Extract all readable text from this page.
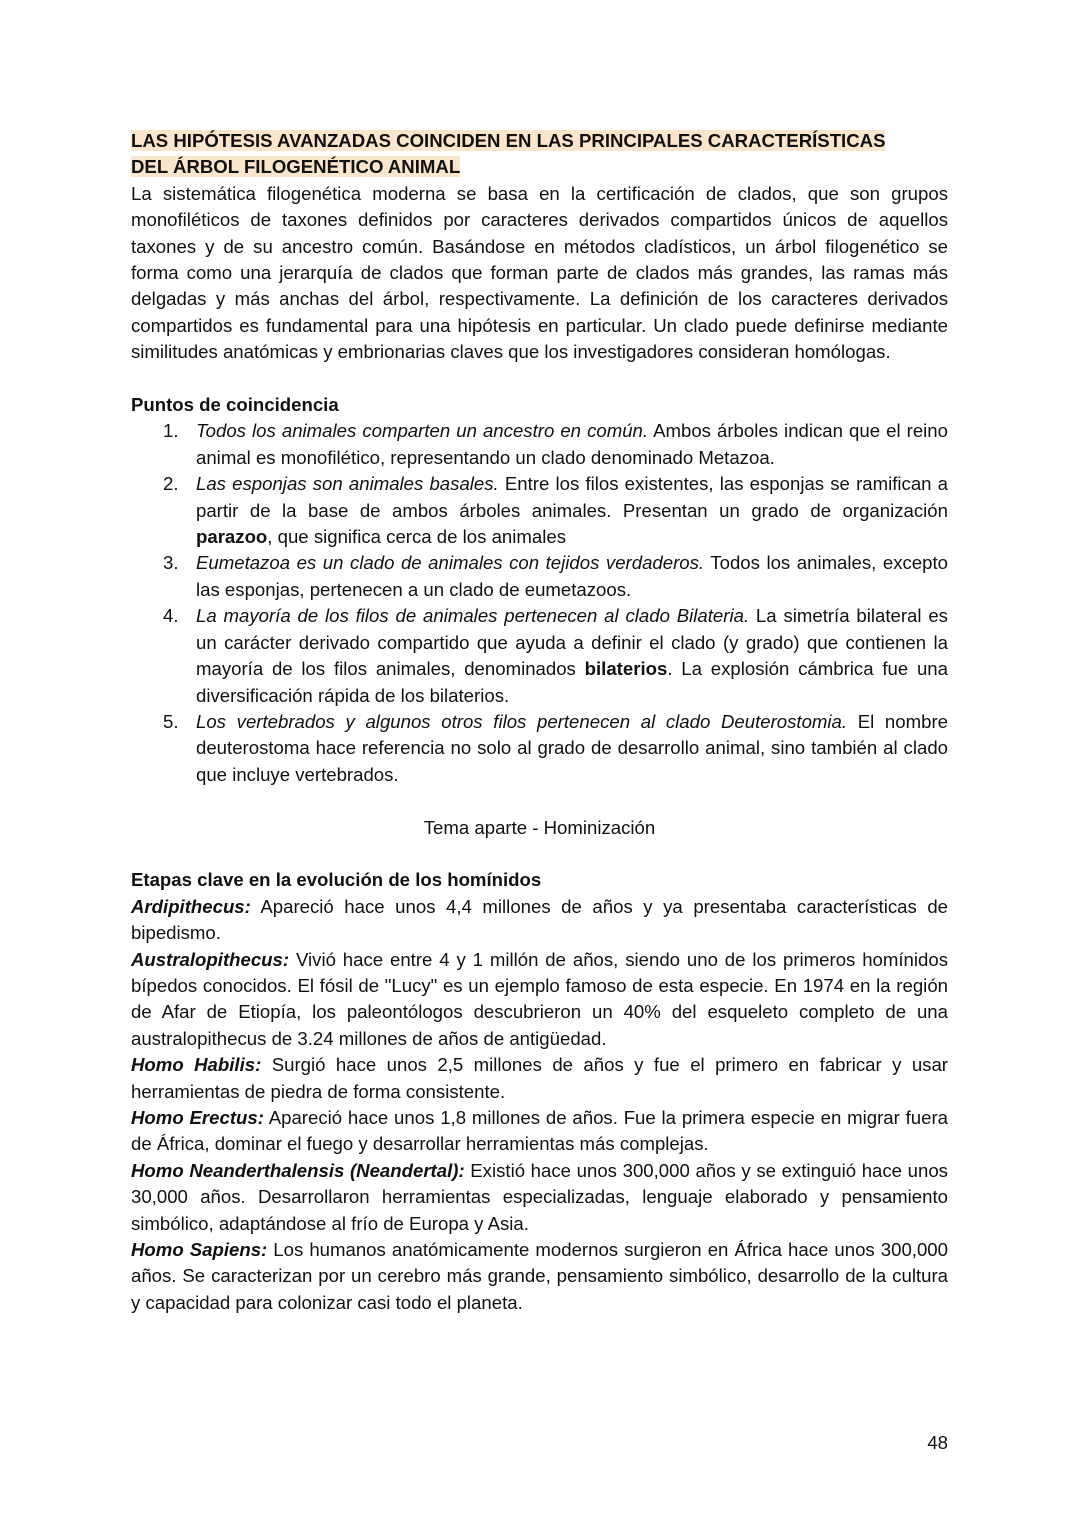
LAS HIPÓTESIS AVANZADAS COINCIDEN EN LAS PRINCIPALES CARACTERÍSTICAS
DEL ÁRBOL FILOGENÉTICO ANIMAL

La sistemática filogenética moderna se basa en la certificación de clados, que son grupos monofiléticos de taxones definidos por caracteres derivados compartidos únicos de aquellos taxones y de su ancestro común. Basándose en métodos cladísticos, un árbol filogenético se forma como una jerarquía de clados que forman parte de clados más grandes, las ramas más delgadas y más anchas del árbol, respectivamente. La definición de los caracteres derivados compartidos es fundamental para una hipótesis en particular. Un clado puede definirse mediante similitudes anatómicas y embrionarias claves que los investigadores consideran homólogas.

Puntos de coincidencia
1. Todos los animales comparten un ancestro en común. Ambos árboles indican que el reino animal es monofilético, representando un clado denominado Metazoa.
2. Las esponjas son animales basales. Entre los filos existentes, las esponjas se ramifican a partir de la base de ambos árboles animales. Presentan un grado de organización parazoo, que significa cerca de los animales
3. Eumetazoa es un clado de animales con tejidos verdaderos. Todos los animales, excepto las esponjas, pertenecen a un clado de eumetazoos.
4. La mayoría de los filos de animales pertenecen al clado Bilateria. La simetría bilateral es un carácter derivado compartido que ayuda a definir el clado (y grado) que contienen la mayoría de los filos animales, denominados bilaterios. La explosión cámbrica fue una diversificación rápida de los bilaterios.
5. Los vertebrados y algunos otros filos pertenecen al clado Deuterostomia. El nombre deuterostoma hace referencia no solo al grado de desarrollo animal, sino también al clado que incluye vertebrados.

Tema aparte - Hominización

Etapas clave en la evolución de los homínidos

Ardipithecus: Apareció hace unos 4,4 millones de años y ya presentaba características de bipedismo.

Australopithecus: Vivió hace entre 4 y 1 millón de años, siendo uno de los primeros homínidos bípedos conocidos. El fósil de "Lucy" es un ejemplo famoso de esta especie. En 1974 en la región de Afar de Etiopía, los paleontólogos descubrieron un 40% del esqueleto completo de una australopithecus de 3.24 millones de años de antigüedad.

Homo Habilis: Surgió hace unos 2,5 millones de años y fue el primero en fabricar y usar herramientas de piedra de forma consistente.

Homo Erectus: Apareció hace unos 1,8 millones de años. Fue la primera especie en migrar fuera de África, dominar el fuego y desarrollar herramientas más complejas.

Homo Neanderthalensis (Neandertal): Existió hace unos 300,000 años y se extinguió hace unos 30,000 años. Desarrollaron herramientas especializadas, lenguaje elaborado y pensamiento simbólico, adaptándose al frío de Europa y Asia.

Homo Sapiens: Los humanos anatómicamente modernos surgieron en África hace unos 300,000 años. Se caracterizan por un cerebro más grande, pensamiento simbólico, desarrollo de la cultura y capacidad para colonizar casi todo el planeta.

48
